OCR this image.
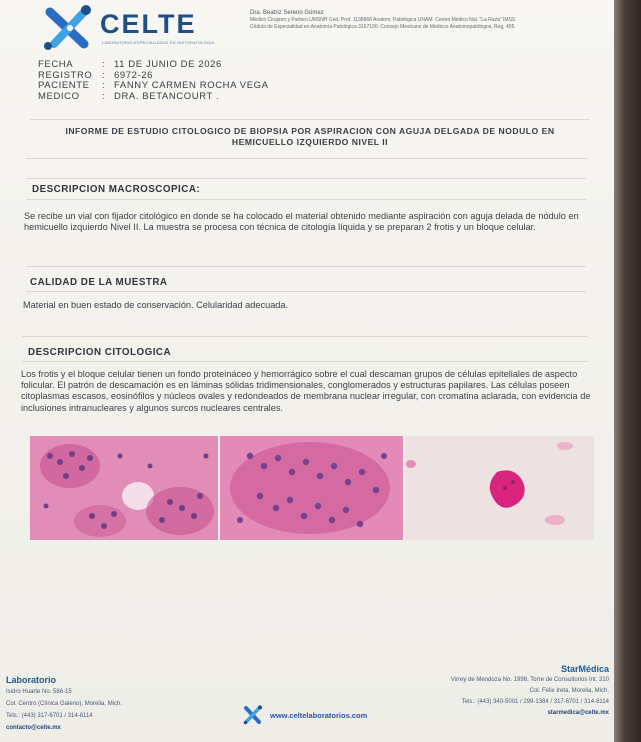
CELTE
LABORATORIO ESPECIALIZADO EN HISTOPATOLOGIA
Dra. Beatriz Sereno Gómez
Médico Cirujano y Partero UMSNH Ced. Prof. 1138868 Anatom. Patológica UNAM. Centro Médico Nal. "La Raza" IMSS
Cédula de Especialidad en Anatomía Patológica 3167190. Consejo Mexicano de Médicos Anatomopatólogos, Reg. 405
FECHA	: 11 DE JUNIO DE 2026
REGISTRO	: 6972-26
PACIENTE	: FANNY CARMEN ROCHA VEGA
MEDICO	: DRA. BETANCOURT .
INFORME DE ESTUDIO CITOLOGICO DE BIOPSIA POR ASPIRACION CON AGUJA DELGADA DE NODULO EN
HEMICUELLO IZQUIERDO NIVEL II
DESCRIPCION MACROSCOPICA:
Se recibe un vial con fijador citológico en donde se ha colocado el material obtenido mediante aspiración con aguja delada de nódulo en hemicuello izquierdo Nivel II. La muestra se procesa con técnica de citología líquida y se preparan 2 frotis y un bloque celular.
CALIDAD DE LA MUESTRA
Material en buen estado de conservación. Celularidad adecuada.
DESCRIPCION CITOLOGICA
Los frotis y el bloque celular tienen un fondo proteináceo y hemorrágico sobre el cual descaman grupos de células epiteliales de aspecto folicular. El patrón de descamación es en láminas sólidas tridimensionales, conglomerados y estructuras papilares. Las células poseen citoplasmas escasos, eosinófilos y núcleos ovales y redondeados de membrana nuclear irregular, con cromatina aclarada, con evidencia de inclusiones intranucleares y algunos surcos nucleares centrales.
Laboratorio
Isidro Huarte No. 586-15
Col. Centro (Clínica Galeno), Morelia, Mich.
Tels.: (443) 317-6701 / 314-8114
contacto@celte.mx
www.celtelaboratorios.com
StarMédica
Virrey de Mendoza No. 1998, Torre de Consultorios Int. 310
Col. Félix Ireta, Morelia, Mich.
Tels.: (443) 340-5001 / 299-1384 / 317-6701 / 314-8114
starmedica@celte.mx
